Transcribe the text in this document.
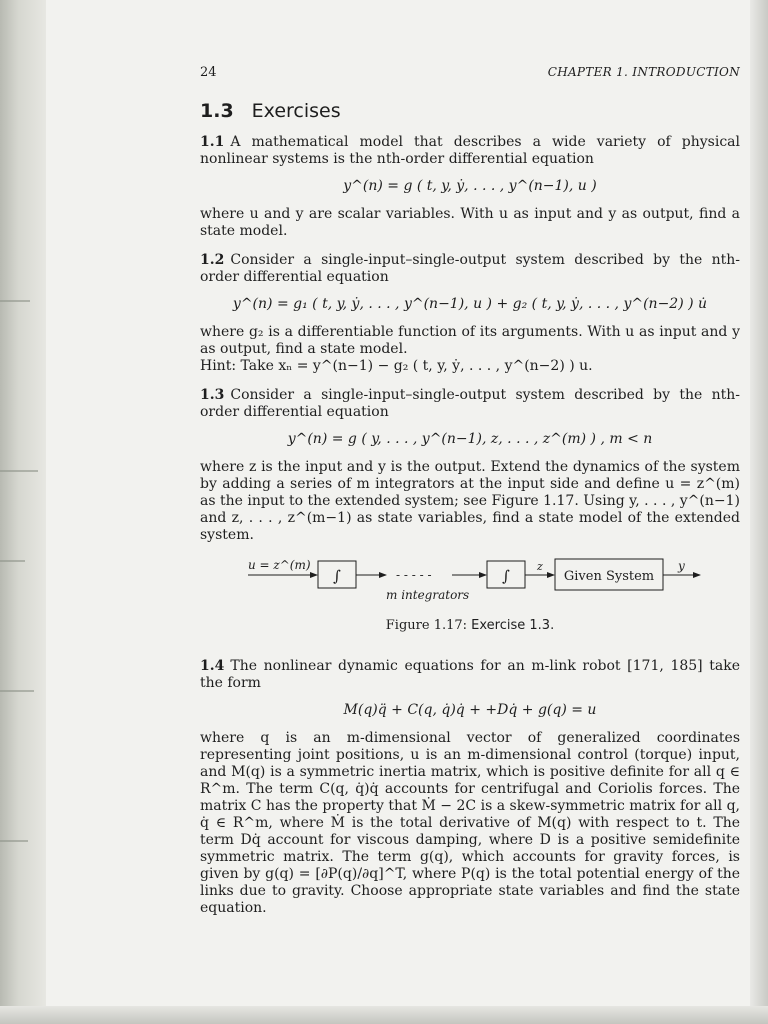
24	CHAPTER 1. INTRODUCTION
1.3 Exercises

1.1 A mathematical model that describes a wide variety of physical nonlinear systems is the nth-order differential equation

y^(n) = g ( t, y, ẏ, . . . , y^(n−1), u )

where u and y are scalar variables. With u as input and y as output, find a state model.

1.2 Consider a single-input–single-output system described by the nth-order differential equation

y^(n) = g₁ ( t, y, ẏ, . . . , y^(n−1), u ) + g₂ ( t, y, ẏ, . . . , y^(n−2) ) u̇

where g₂ is a differentiable function of its arguments. With u as input and y as output, find a state model.

Hint: Take xₙ = y^(n−1) − g₂ ( t, y, ẏ, . . . , y^(n−2) ) u.

1.3 Consider a single-input–single-output system described by the nth-order differential equation

y^(n) = g ( y, . . . , y^(n−1), z, . . . , z^(m) ) , m < n

where z is the input and y is the output. Extend the dynamics of the system by adding a series of m integrators at the input side and define u = z^(m) as the input to the extended system; see Figure 1.17. Using y, . . . , y^(n−1) and z, . . . , z^(m−1) as state variables, find a state model of the extended system.

u = z^(m)
∫	- - - - -
m integrators
∫
z
Given System
y
Figure 1.17: Exercise 1.3.

1.4 The nonlinear dynamic equations for an m-link robot [171, 185] take the form

M(q)q̈ + C(q, q̇)q̇ + +Dq̇ + g(q) = u

where q is an m-dimensional vector of generalized coordinates representing joint positions, u is an m-dimensional control (torque) input, and M(q) is a symmetric inertia matrix, which is positive definite for all q ∈ R^m. The term C(q, q̇)q̇ accounts for centrifugal and Coriolis forces. The matrix C has the property that Ṁ − 2C is a skew-symmetric matrix for all q, q̇ ∈ R^m, where Ṁ is the total derivative of M(q) with respect to t. The term Dq̇ account for viscous damping, where D is a positive semidefinite symmetric matrix. The term g(q), which accounts for gravity forces, is given by g(q) = [∂P(q)/∂q]^T, where P(q) is the total potential energy of the links due to gravity. Choose appropriate state variables and find the state equation.
